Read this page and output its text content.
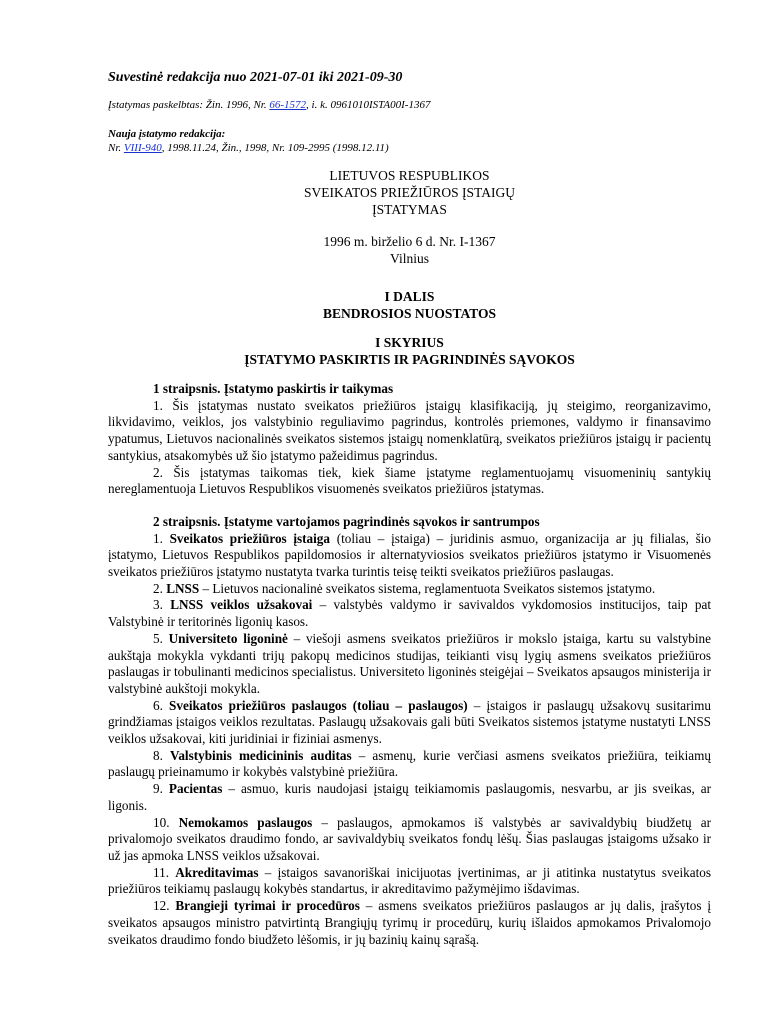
Suvestinė redakcija nuo 2021-07-01 iki 2021-09-30
Įstatymas paskelbtas: Žin. 1996, Nr. 66-1572, i. k. 0961010ISTA00I-1367
Nauja įstatymo redakcija:
Nr. VIII-940, 1998.11.24, Žin., 1998, Nr. 109-2995 (1998.12.11)
LIETUVOS RESPUBLIKOS
SVEIKATOS PRIEŽIŪROS ĮSTAIGŲ
ĮSTATYMAS
1996 m. birželio 6 d. Nr. I-1367
Vilnius
I DALIS
BENDROSIOS NUOSTATOS
I SKYRIUS
ĮSTATYMO PASKIRTIS IR PAGRINDINĖS SĄVOKOS

1 straipsnis. Įstatymo paskirtis ir taikymas

1. Šis įstatymas nustato sveikatos priežiūros įstaigų klasifikaciją, jų steigimo, reorganizavimo, likvidavimo, veiklos, jos valstybinio reguliavimo pagrindus, kontrolės priemones, valdymo ir finansavimo ypatumus, Lietuvos nacionalinės sveikatos sistemos įstaigų nomenklatūrą, sveikatos priežiūros įstaigų ir pacientų santykius, atsakomybės už šio įstatymo pažeidimus pagrindus.

2. Šis įstatymas taikomas tiek, kiek šiame įstatyme reglamentuojamų visuomeninių santykių nereglamentuoja Lietuvos Respublikos visuomenės sveikatos priežiūros įstatymas.

2 straipsnis. Įstatyme vartojamos pagrindinės sąvokos ir santrumpos

1. Sveikatos priežiūros įstaiga (toliau – įstaiga) – juridinis asmuo, organizacija ar jų filialas, šio įstatymo, Lietuvos Respublikos papildomosios ir alternatyviosios sveikatos priežiūros įstatymo ir Visuomenės sveikatos priežiūros įstatymo nustatyta tvarka turintis teisę teikti sveikatos priežiūros paslaugas.

2. LNSS – Lietuvos nacionalinė sveikatos sistema, reglamentuota Sveikatos sistemos įstatymo.

3. LNSS veiklos užsakovai – valstybės valdymo ir savivaldos vykdomosios institucijos, taip pat Valstybinė ir teritorinės ligonių kasos.

5. Universiteto ligoninė – viešoji asmens sveikatos priežiūros ir mokslo įstaiga, kartu su valstybine aukštąja mokykla vykdanti trijų pakopų medicinos studijas, teikianti visų lygių asmens sveikatos priežiūros paslaugas ir tobulinanti medicinos specialistus. Universiteto ligoninės steigėjai – Sveikatos apsaugos ministerija ir valstybinė aukštoji mokykla.

6. Sveikatos priežiūros paslaugos (toliau – paslaugos) – įstaigos ir paslaugų užsakovų susitarimu grindžiamas įstaigos veiklos rezultatas. Paslaugų užsakovais gali būti Sveikatos sistemos įstatyme nustatyti LNSS veiklos užsakovai, kiti juridiniai ir fiziniai asmenys.

8. Valstybinis medicininis auditas – asmenų, kurie verčiasi asmens sveikatos priežiūra, teikiamų paslaugų prieinamumo ir kokybės valstybinė priežiūra.

9. Pacientas – asmuo, kuris naudojasi įstaigų teikiamomis paslaugomis, nesvarbu, ar jis sveikas, ar ligonis.

10. Nemokamos paslaugos – paslaugos, apmokamos iš valstybės ar savivaldybių biudžetų ar privalomojo sveikatos draudimo fondo, ar savivaldybių sveikatos fondų lėšų. Šias paslaugas įstaigoms užsako ir už jas apmoka LNSS veiklos užsakovai.

11. Akreditavimas – įstaigos savanoriškai inicijuotas įvertinimas, ar ji atitinka nustatytus sveikatos priežiūros teikiamų paslaugų kokybės standartus, ir akreditavimo pažymėjimo išdavimas.

12. Brangieji tyrimai ir procedūros – asmens sveikatos priežiūros paslaugos ar jų dalis, įrašytos į sveikatos apsaugos ministro patvirtintą Brangiųjų tyrimų ir procedūrų, kurių išlaidos apmokamos Privalomojo sveikatos draudimo fondo biudžeto lėšomis, ir jų bazinių kainų sąrašą.
